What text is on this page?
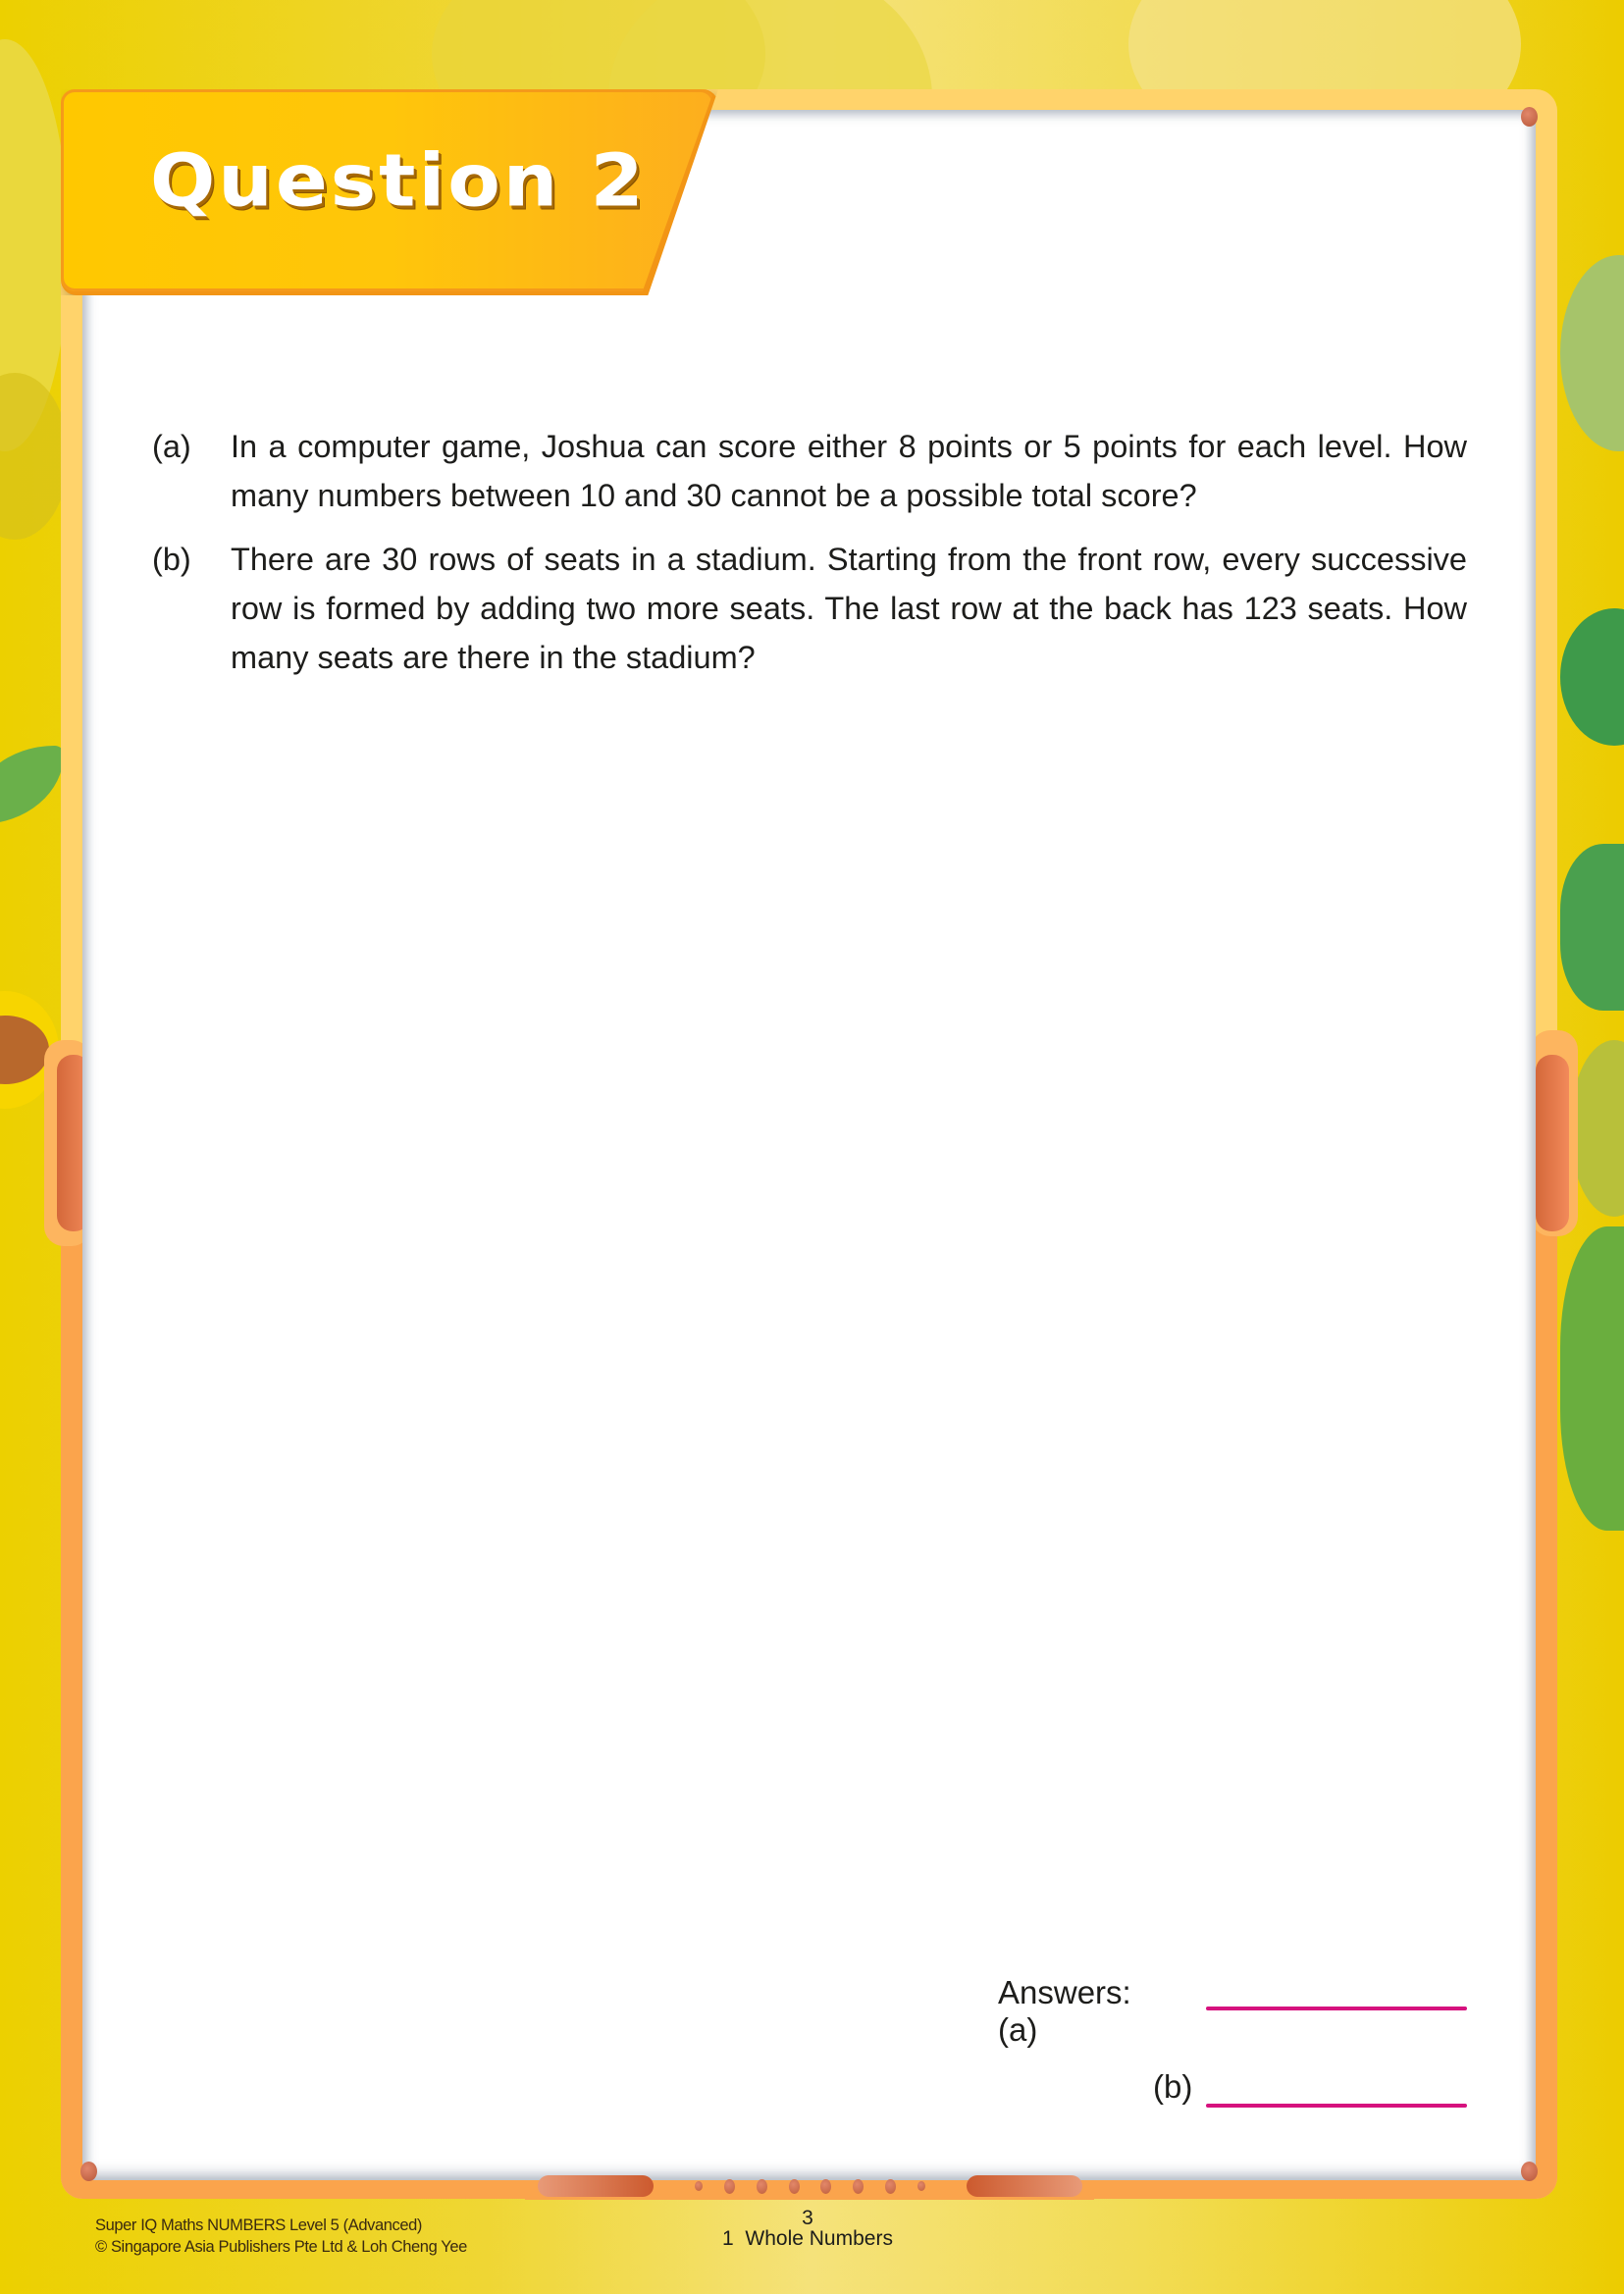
Question 2
(a) In a computer game, Joshua can score either 8 points or 5 points for each level. How many numbers between 10 and 30 cannot be a possible total score?
(b) There are 30 rows of seats in a stadium. Starting from the front row, every successive row is formed by adding two more seats. The last row at the back has 123 seats. How many seats are there in the stadium?
Answers: (a)
(b)
Super IQ Maths NUMBERS Level 5 (Advanced)
© Singapore Asia Publishers Pte Ltd & Loh Cheng Yee
3
1  Whole Numbers
